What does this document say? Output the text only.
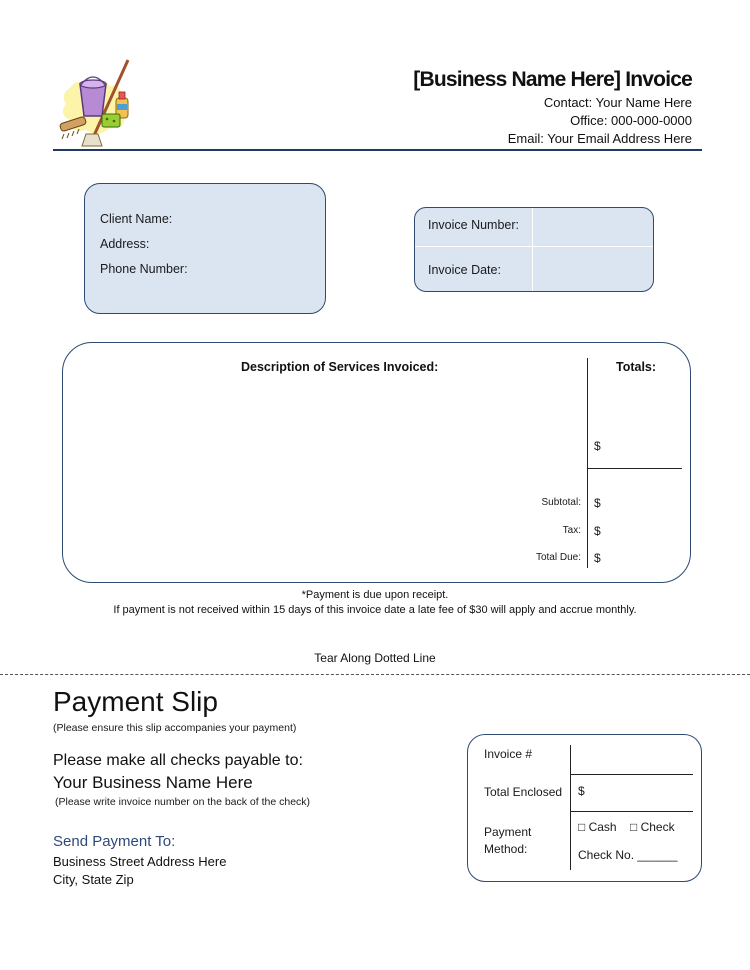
[Business Name Here] Invoice
Contact: Your Name Here
Office: 000-000-0000
Email: Your Email Address Here
Client Name:
Address:
Phone Number:
Invoice Number:
Invoice Date:
Description of Services Invoiced:	Totals:
$
Subtotal: $
Tax: $
Total Due: $
*Payment is due upon receipt.
If payment is not received within 15 days of this invoice date a late fee of $30 will apply and accrue monthly.
Tear Along Dotted Line
Payment Slip
(Please ensure this slip accompanies your payment)
Please make all checks payable to:
Your Business Name Here
(Please write invoice number on the back of the check)
Send Payment To:
Business Street Address Here
City, State Zip
Invoice #
Total Enclosed $
Payment
Method:
□ Cash □ Check
Check No. ______
